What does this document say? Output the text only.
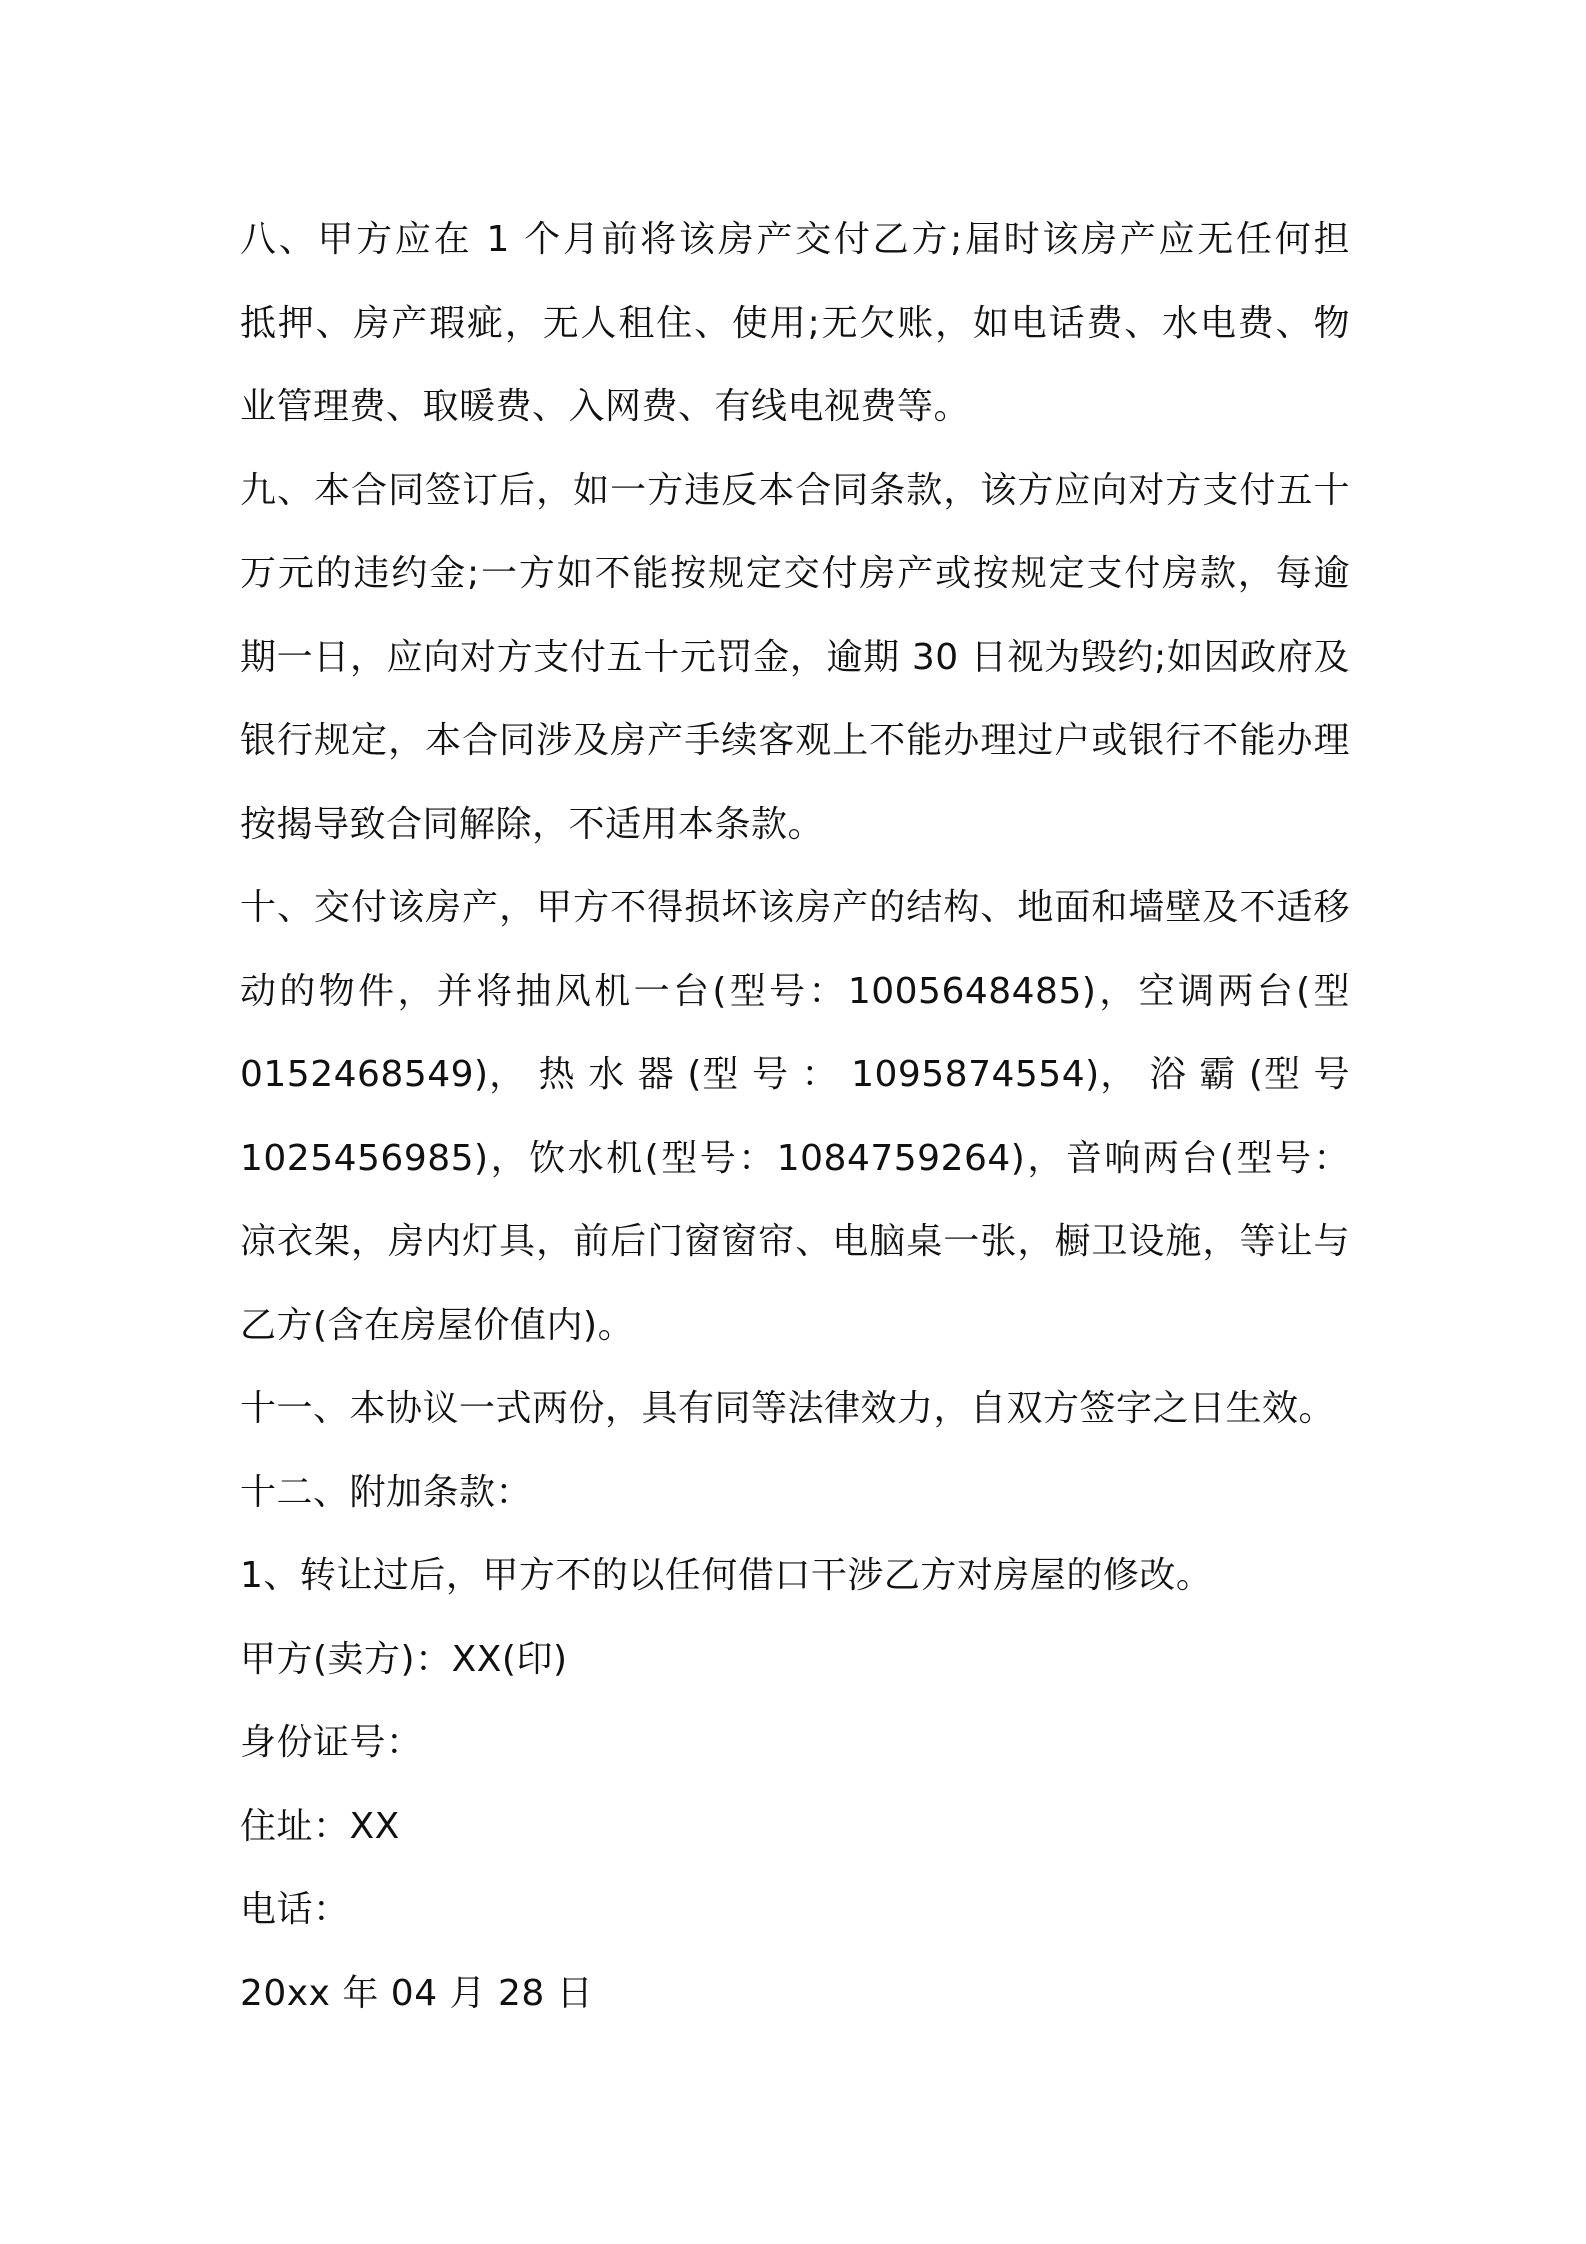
八、甲方应在 1 个月前将该房产交付乙方;届时该房产应无任何担
抵押、房产瑕疵，无人租住、使用;无欠账，如电话费、水电费、物
业管理费、取暖费、入网费、有线电视费等。
九、本合同签订后，如一方违反本合同条款，该方应向对方支付五十
万元的违约金;一方如不能按规定交付房产或按规定支付房款，每逾
期一日，应向对方支付五十元罚金，逾期 30 日视为毁约;如因政府及
银行规定，本合同涉及房产手续客观上不能办理过户或银行不能办理
按揭导致合同解除，不适用本条款。
十、交付该房产，甲方不得损坏该房产的结构、地面和墙壁及不适移
动的物件，并将抽风机一台(型号：1005648485)，空调两台(型
0152468549)， 热 水 器 (型 号 ： 1095874554)， 浴 霸 (型 号
1025456985)，饮水机(型号：1084759264)，音响两台(型号：
凉衣架，房内灯具，前后门窗窗帘、电脑桌一张，橱卫设施，等让与
乙方(含在房屋价值内)。
十一、本协议一式两份，具有同等法律效力，自双方签字之日生效。
十二、附加条款：
1、转让过后，甲方不的以任何借口干涉乙方对房屋的修改。
甲方(卖方)：XX(印)
身份证号：
住址：XX
电话：
20xx 年 04 月 28 日
